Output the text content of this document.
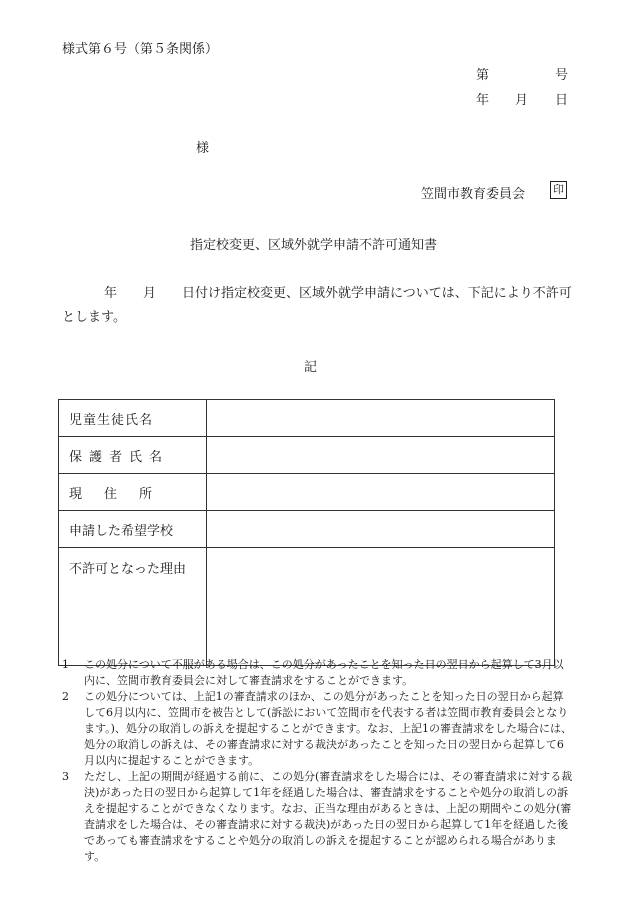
様式第６号（第５条関係）
第	号
年 月 日
様
笠間市教育委員会	印
指定校変更、区域外就学申請不許可通知書
年 月 日付け指定校変更、区域外就学申請については、下記により不許可とします。
記
児童生徒氏名	
保護者氏名	
現住所	
申請した希望学校	
不許可となった理由	
1	この処分について不服がある場合は、この処分があったことを知った日の翌日から起算して3月以内に、笠間市教育委員会に対して審査請求をすることができます。
2	この処分については、上記1の審査請求のほか、この処分があったことを知った日の翌日から起算して6月以内に、笠間市を被告として(訴訟において笠間市を代表する者は笠間市教育委員会となります。)、処分の取消しの訴えを提起することができます。なお、上記1の審査請求をした場合には、処分の取消しの訴えは、その審査請求に対する裁決があったことを知った日の翌日から起算して6月以内に提起することができます。
3	ただし、上記の期間が経過する前に、この処分(審査請求をした場合には、その審査請求に対する裁決)があった日の翌日から起算して1年を経過した場合は、審査請求をすることや処分の取消しの訴えを提起することができなくなります。なお、正当な理由があるときは、上記の期間やこの処分(審査請求をした場合は、その審査請求に対する裁決)があった日の翌日から起算して1年を経過した後であっても審査請求をすることや処分の取消しの訴えを提起することが認められる場合があります。
